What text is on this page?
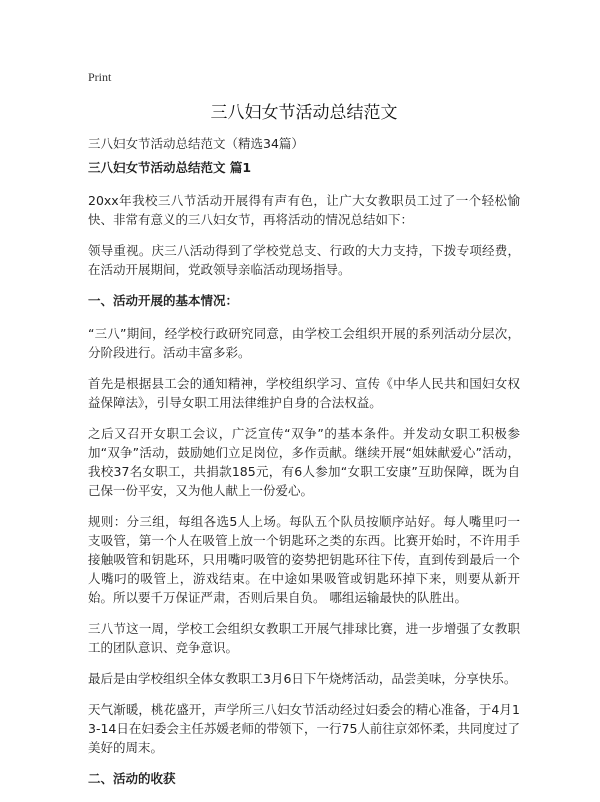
Print
三八妇女节活动总结范文

三八妇女节活动总结范文（精选34篇）

三八妇女节活动总结范文 篇1

20xx年我校三八节活动开展得有声有色，让广大女教职员工过了一个轻松愉快、非常有意义的三八妇女节，再将活动的情况总结如下：

领导重视。庆三八活动得到了学校党总支、行政的大力支持，下拨专项经费，在活动开展期间，党政领导亲临活动现场指导。

一、活动开展的基本情况：

“三八”期间，经学校行政研究同意，由学校工会组织开展的系列活动分层次，分阶段进行。活动丰富多彩。

首先是根据县工会的通知精神，学校组织学习、宣传《中华人民共和国妇女权益保障法》，引导女职工用法律维护自身的合法权益。

之后又召开女职工会议，广泛宣传“双争”的基本条件。并发动女职工积极参加“双争”活动，鼓励她们立足岗位，多作贡献。继续开展“姐妹献爱心”活动，我校37名女职工，共捐款185元，有6人参加“女职工安康”互助保障，既为自己保一份平安，又为他人献上一份爱心。

规则：分三组，每组各选5人上场。每队五个队员按顺序站好。每人嘴里叼一支吸管，第一个人在吸管上放一个钥匙环之类的东西。比赛开始时，不许用手接触吸管和钥匙环，只用嘴叼吸管的姿势把钥匙环往下传，直到传到最后一个人嘴叼的吸管上，游戏结束。在中途如果吸管或钥匙环掉下来，则要从新开始。所以要千万保证严肃，否则后果自负。 哪组运输最快的队胜出。

三八节这一周，学校工会组织女教职工开展气排球比赛，进一步增强了女教职工的团队意识、竞争意识。

最后是由学校组织全体女教职工3月6日下午烧烤活动，品尝美味，分享快乐。

天气渐暖，桃花盛开，声学所三八妇女节活动经过妇委会的精心准备，于4月13-14日在妇委会主任苏媛老师的带领下，一行75人前往京郊怀柔，共同度过了美好的周末。

二、活动的收获
